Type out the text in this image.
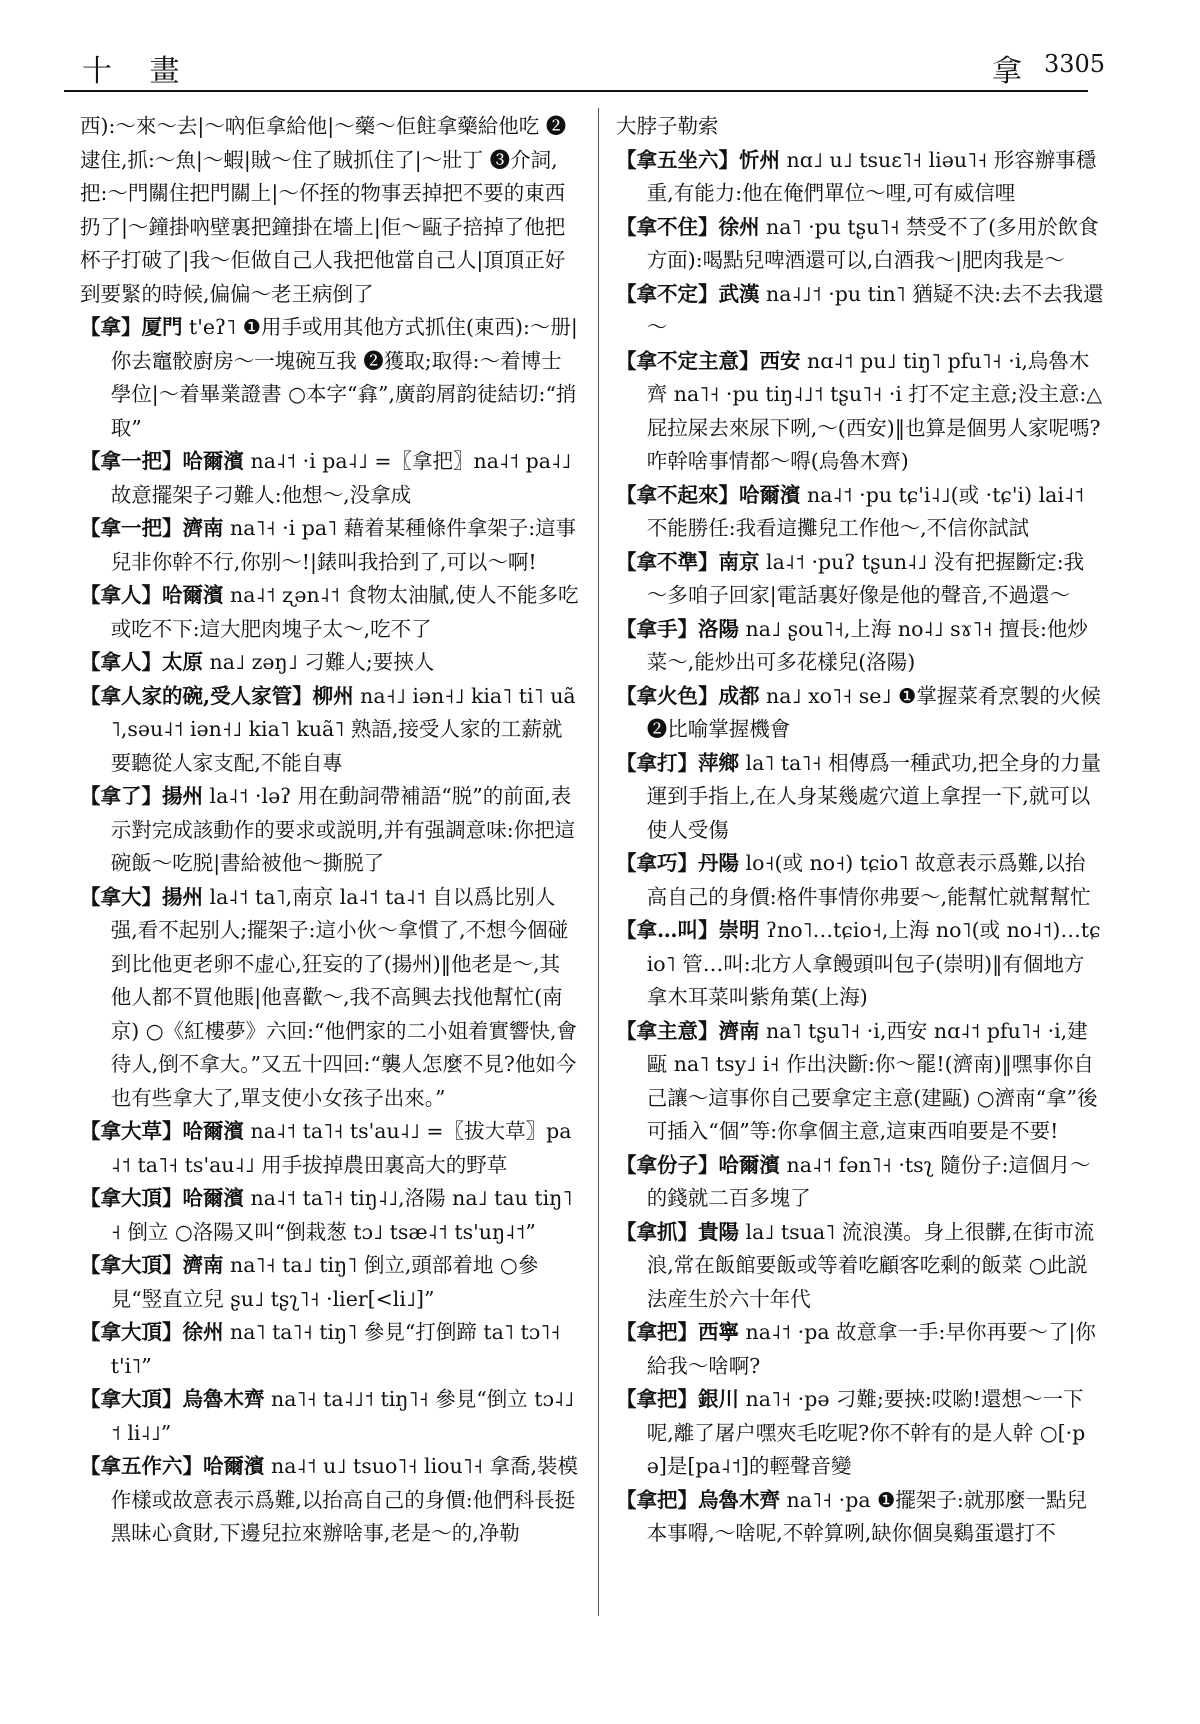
十 畫	拿 3305

西):～來～去|～吶佢拿給他|～藥～佢飳拿藥給他吃 ❷逮住,抓:～魚|～蝦|賊～住了賊抓住了|～壯丁 ❸介詞,把:～門關住把門關上|～伓挃的物事丟掉把不要的東西扔了|～鐘掛吶壁裏把鐘掛在墻上|佢～甌子掊掉了他把杯子打破了|我～佢做自己人我把他當自己人|頂頂正好到要緊的時候,偏偏～老王病倒了

【拿】厦門 t'eʔ˥ ❶用手或用其他方式抓住(東西):～册|你去竈骹廚房～一塊碗互我 ❷獲取;取得:～着博士學位|～着畢業證書 ○本字“搻”,廣韵屑韵徒結切:“捎取”

【拿一把】哈爾濱 na˨˦ ·i pa˨˩ =〖拿把〗na˨˦ pa˨˩ 故意擺架子刁難人:他想～,没拿成

【拿一把】濟南 na˥˧ ·i pa˥ 藉着某種條件拿架子:這事兒非你幹不行,你别～!|錶叫我拾到了,可以～啊!

【拿人】哈爾濱 na˨˦ ʐən˨˦ 食物太油膩,使人不能多吃或吃不下:這大肥肉塊子太～,吃不了

【拿人】太原 na˩ zəŋ˩ 刁難人;要挾人

【拿人家的碗,受人家管】柳州 na˧˩ iən˧˩ kia˥ ti˥ uã˥,səu˨˦ iən˧˩ kia˥ kuã˥ 熟語,接受人家的工薪就要聽從人家支配,不能自專

【拿了】揚州 la˨˦ ·ləʔ 用在動詞帶補語“脱”的前面,表示對完成該動作的要求或説明,并有强調意味:你把這碗飯～吃脱|書給被他～撕脱了

【拿大】揚州 la˨˦ ta˥,南京 la˨˦ ta˨˦ 自以爲比别人强,看不起别人;擺架子:這小伙～拿慣了,不想今個碰到比他更老卵不虚心,狂妄的了(揚州)‖他老是～,其他人都不買他賬|他喜歡～,我不高興去找他幫忙(南京) ○《紅樓夢》六回:“他們家的二小姐着實響快,會待人,倒不拿大。”又五十四回:“襲人怎麼不見?他如今也有些拿大了,單支使小女孩子出來。”

【拿大草】哈爾濱 na˨˦ ta˥˧ ts'au˨˩ =〖拔大草〗pa˨˦ ta˥˧ ts'au˨˩ 用手拔掉農田裏高大的野草

【拿大頂】哈爾濱 na˨˦ ta˥˧ tiŋ˨˩,洛陽 na˩ tau tiŋ˥˧ 倒立 ○洛陽又叫“倒栽葱 tɔ˩ tsæ˨˦ ts'uŋ˨˦”

【拿大頂】濟南 na˥˧ ta˩ tiŋ˥ 倒立,頭部着地 ○參見“竪直立兒 ʂu˩ tʂʅ˥˧ ·lier[<li˩]”

【拿大頂】徐州 na˥ ta˥˧ tiŋ˥ 參見“打倒蹄 ta˥ tɔ˥˧ t'i˥”

【拿大頂】烏魯木齊 na˥˧ ta˨˩˦ tiŋ˥˧ 參見“倒立 tɔ˨˩˦ li˨˩”

【拿五作六】哈爾濱 na˨˦ u˩ tsuo˥˧ liou˥˧ 拿喬,裝模作樣或故意表示爲難,以抬高自己的身價:他們科長挺黑昧心貪財,下邊兒拉來辦啥事,老是～的,净勒

大脖子勒索

【拿五坐六】忻州 nɑ˩ u˩ tsuɛ˥˧ liəu˥˧ 形容辦事穩重,有能力:他在俺們單位～哩,可有威信哩

【拿不住】徐州 na˥ ·pu tʂu˥˧ 禁受不了(多用於飲食方面):喝點兒啤酒還可以,白酒我～|肥肉我是～

【拿不定】武漢 na˨˩˦ ·pu tin˥ 猶疑不決:去不去我還～

【拿不定主意】西安 nɑ˨˦ pu˩ tiŋ˥ pfu˥˧ ·i,烏魯木齊 na˥˧ ·pu tiŋ˨˩˦ tʂu˥˧ ·i 打不定主意;没主意:△屁拉屎去來尿下咧,～(西安)‖也算是個男人家呢嗎?咋幹啥事情都～嘚(烏魯木齊)

【拿不起來】哈爾濱 na˨˦ ·pu tɕ'i˨˩(或 ·tɕ'i) lai˨˦ 不能勝任:我看這攤兒工作他～,不信你試試

【拿不準】南京 la˨˦ ·puʔ tʂun˨˩ 没有把握斷定:我～多咱子回家|電話裏好像是他的聲音,不過還～

【拿手】洛陽 na˩ ʂou˥˧,上海 no˨˩ sɤ˥˧ 擅長:他炒菜～,能炒出可多花樣兒(洛陽)

【拿火色】成都 na˩ xo˥˧ se˩ ❶掌握菜肴烹製的火候 ❷比喻掌握機會

【拿打】萍鄉 la˥ ta˥˧ 相傳爲一種武功,把全身的力量運到手指上,在人身某幾處穴道上拿捏一下,就可以使人受傷

【拿巧】丹陽 lo˧(或 no˧) tɕio˥ 故意表示爲難,以抬高自己的身價:格件事情你弗要～,能幫忙就幫幫忙

【拿…叫】崇明 ʔno˥…tɕio˧,上海 no˥(或 no˨˦)…tɕio˥ 管…叫:北方人拿饅頭叫包子(崇明)‖有個地方拿木耳菜叫紫角葉(上海)

【拿主意】濟南 na˥ tʂu˥˧ ·i,西安 nɑ˨˦ pfu˥˧ ·i,建甌 na˥ tsy˩ i˧ 作出決斷:你～罷!(濟南)‖嘿事你自己讓～這事你自己要拿定主意(建甌) ○濟南“拿”後可插入“個”等:你拿個主意,這東西咱要是不要!

【拿份子】哈爾濱 na˨˦ fən˥˧ ·tsʅ 隨份子:這個月～的錢就二百多塊了

【拿抓】貴陽 la˩ tsua˥ 流浪漢。身上很髒,在街市流浪,常在飯館要飯或等着吃顧客吃剩的飯菜 ○此説法産生於六十年代

【拿把】西寧 na˨˦ ·pa 故意拿一手:早你再要～了|你給我～啥啊?

【拿把】銀川 na˥˧ ·pə 刁難;要挾:哎喲!還想～一下呢,離了屠户嘿夾毛吃呢?你不幹有的是人幹 ○[·pə]是[pa˨˦]的輕聲音變

【拿把】烏魯木齊 na˥˧ ·pa ❶擺架子:就那麼一點兒本事嘚,～啥呢,不幹算咧,缺你個臭鷄蛋還打不
